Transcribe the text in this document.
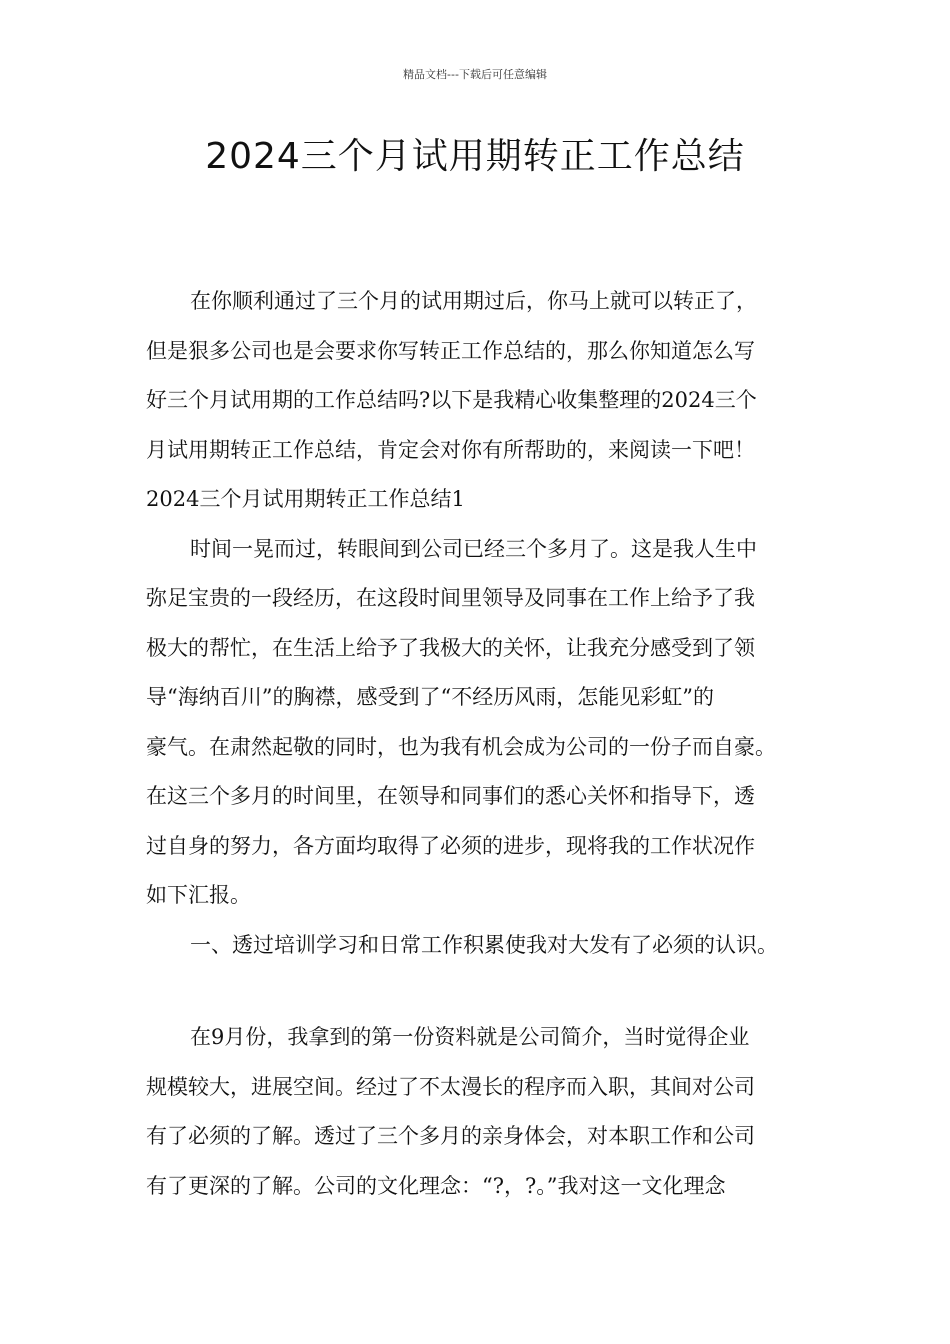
精品文档---下载后可任意编辑
2024三个月试用期转正工作总结
在你顺利通过了三个月的试用期过后，你马上就可以转正了，
但是狠多公司也是会要求你写转正工作总结的，那么你知道怎么写
好三个月试用期的工作总结吗?以下是我精心收集整理的2024三个
月试用期转正工作总结，肯定会对你有所帮助的，来阅读一下吧！
2024三个月试用期转正工作总结1
时间一晃而过，转眼间到公司已经三个多月了。这是我人生中
弥足宝贵的一段经历，在这段时间里领导及同事在工作上给予了我
极大的帮忙，在生活上给予了我极大的关怀，让我充分感受到了领
导“海纳百川”的胸襟，感受到了“不经历风雨，怎能见彩虹”的
豪气。在肃然起敬的同时，也为我有机会成为公司的一份子而自豪。
在这三个多月的时间里，在领导和同事们的悉心关怀和指导下，透
过自身的努力，各方面均取得了必须的进步，现将我的工作状况作
如下汇报。
一、透过培训学习和日常工作积累使我对大发有了必须的认识。
在9月份，我拿到的第一份资料就是公司简介，当时觉得企业
规模较大，进展空间。经过了不太漫长的程序而入职，其间对公司
有了必须的了解。透过了三个多月的亲身体会，对本职工作和公司
有了更深的了解。公司的文化理念：“?，?。”我对这一文化理念
